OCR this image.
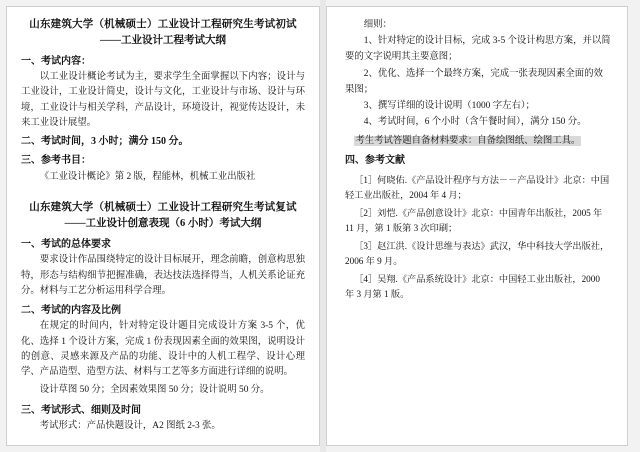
山东建筑大学（机械硕士）工业设计工程研究生考试初试
——工业设计工程考试大纲
一、考试内容：
以工业设计概论考试为主，要求学生全面掌握以下内容；设计与工业设计，工业设计简史，设计与文化，工业设计与市场、设计与环境，工业设计与相关学科，产品设计，环境设计，视觉传达设计，未来工业设计展望。
二、考试时间，3 小时；满分 150 分。
三、参考书目：
《工业设计概论》第 2 版，程能林，机械工业出版社
山东建筑大学（机械硕士）工业设计工程研究生考试复试
——工业设计创意表现（6 小时）考试大纲
一、考试的总体要求
要求设计作品围绕特定的设计目标展开，理念前瞻，创意构思独特，形态与结构细节把握准确，表达技法选择得当，人机关系论证充分。材料与工艺分析运用科学合理。
二、考试的内容及比例
在规定的时间内，针对特定设计题目完成设计方案 3-5 个，优化、选择 1 个设计方案，完成 1 份表现因素全面的效果图，说明设计的创意、灵感来源及产品的功能、设计中的人机工程学、设计心理学、产品造型、造型方法、材料与工艺等多方面进行详细的说明。
设计草图 50 分；全因素效果图 50 分；设计说明 50 分。
三、考试形式、细则及时间
考试形式：产品快题设计，A2 图纸 2-3 张。
细则：
1、针对特定的设计目标，完成 3-5 个设计构思方案，并以简要的文字说明其主要意图；
2、优化、选择一个最终方案，完成一张表现因素全面的效果图；
3、撰写详细的设计说明（1000 字左右）；
4、考试时间，6 个小时（含午餐时间），满分 150 分。
考生考试答题自备材料要求：自备绘图纸、绘图工具。
四、参考文献
［1］何晓佑.《产品设计程序与方法－－产品设计》北京：中国轻工业出版社，2004 年 4 月；
［2］刘恺.《产品创意设计》北京：中国青年出版社，2005 年 11 月，第 1 版第 3 次印刷；
［3］赵江洪.《设计思维与表达》武汉，华中科技大学出版社，2006 年 9 月。
［4］吴翔.《产品系统设计》北京：中国轻工业出版社，2000 年 3 月第 1 版。
